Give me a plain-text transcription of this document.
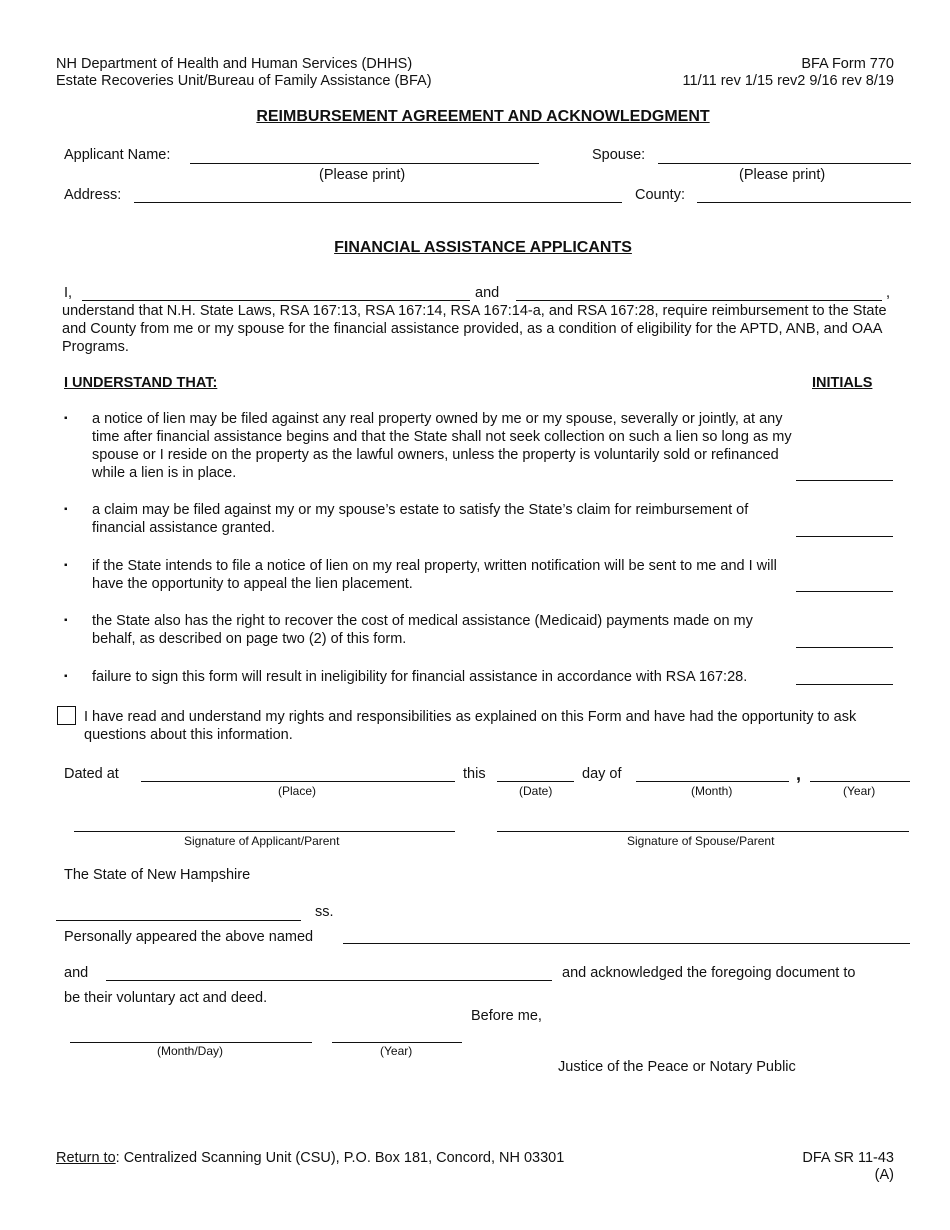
NH Department of Health and Human Services (DHHS)
Estate Recoveries Unit/Bureau of Family Assistance (BFA)
BFA Form 770
11/11 rev 1/15 rev2 9/16 rev 8/19
REIMBURSEMENT AGREEMENT AND ACKNOWLEDGMENT
Applicant Name:	Spouse:
(Please print)	(Please print)
Address:	County:
FINANCIAL ASSISTANCE APPLICANTS
I,	and	,
understand that N.H. State Laws, RSA 167:13, RSA 167:14, RSA 167:14-a, and RSA 167:28, require reimbursement to the State and County from me or my spouse for the financial assistance provided, as a condition of eligibility for the APTD, ANB, and OAA Programs.
I UNDERSTAND THAT:	INITIALS
▪ a notice of lien may be filed against any real property owned by me or my spouse, severally or jointly, at any time after financial assistance begins and that the State shall not seek collection on such a lien so long as my spouse or I reside on the property as the lawful owners, unless the property is voluntarily sold or refinanced while a lien is in place.
▪ a claim may be filed against my or my spouse’s estate to satisfy the State’s claim for reimbursement of financial assistance granted.
▪ if the State intends to file a notice of lien on my real property, written notification will be sent to me and I will have the opportunity to appeal the lien placement.
▪ the State also has the right to recover the cost of medical assistance (Medicaid) payments made on my behalf, as described on page two (2) of this form.
▪ failure to sign this form will result in ineligibility for financial assistance in accordance with RSA 167:28.
I have read and understand my rights and responsibilities as explained on this Form and have had the opportunity to ask questions about this information.
Dated at	this	day of	,
(Place)	(Date)	(Month)	(Year)
Signature of Applicant/Parent	Signature of Spouse/Parent
The State of New Hampshire
ss.
Personally appeared the above named
and	and acknowledged the foregoing document to
be their voluntary act and deed.
Before me,
(Month/Day)	(Year)
Justice of the Peace or Notary Public
Return to: Centralized Scanning Unit (CSU), P.O. Box 181, Concord, NH 03301	DFA SR 11-43
(A)
